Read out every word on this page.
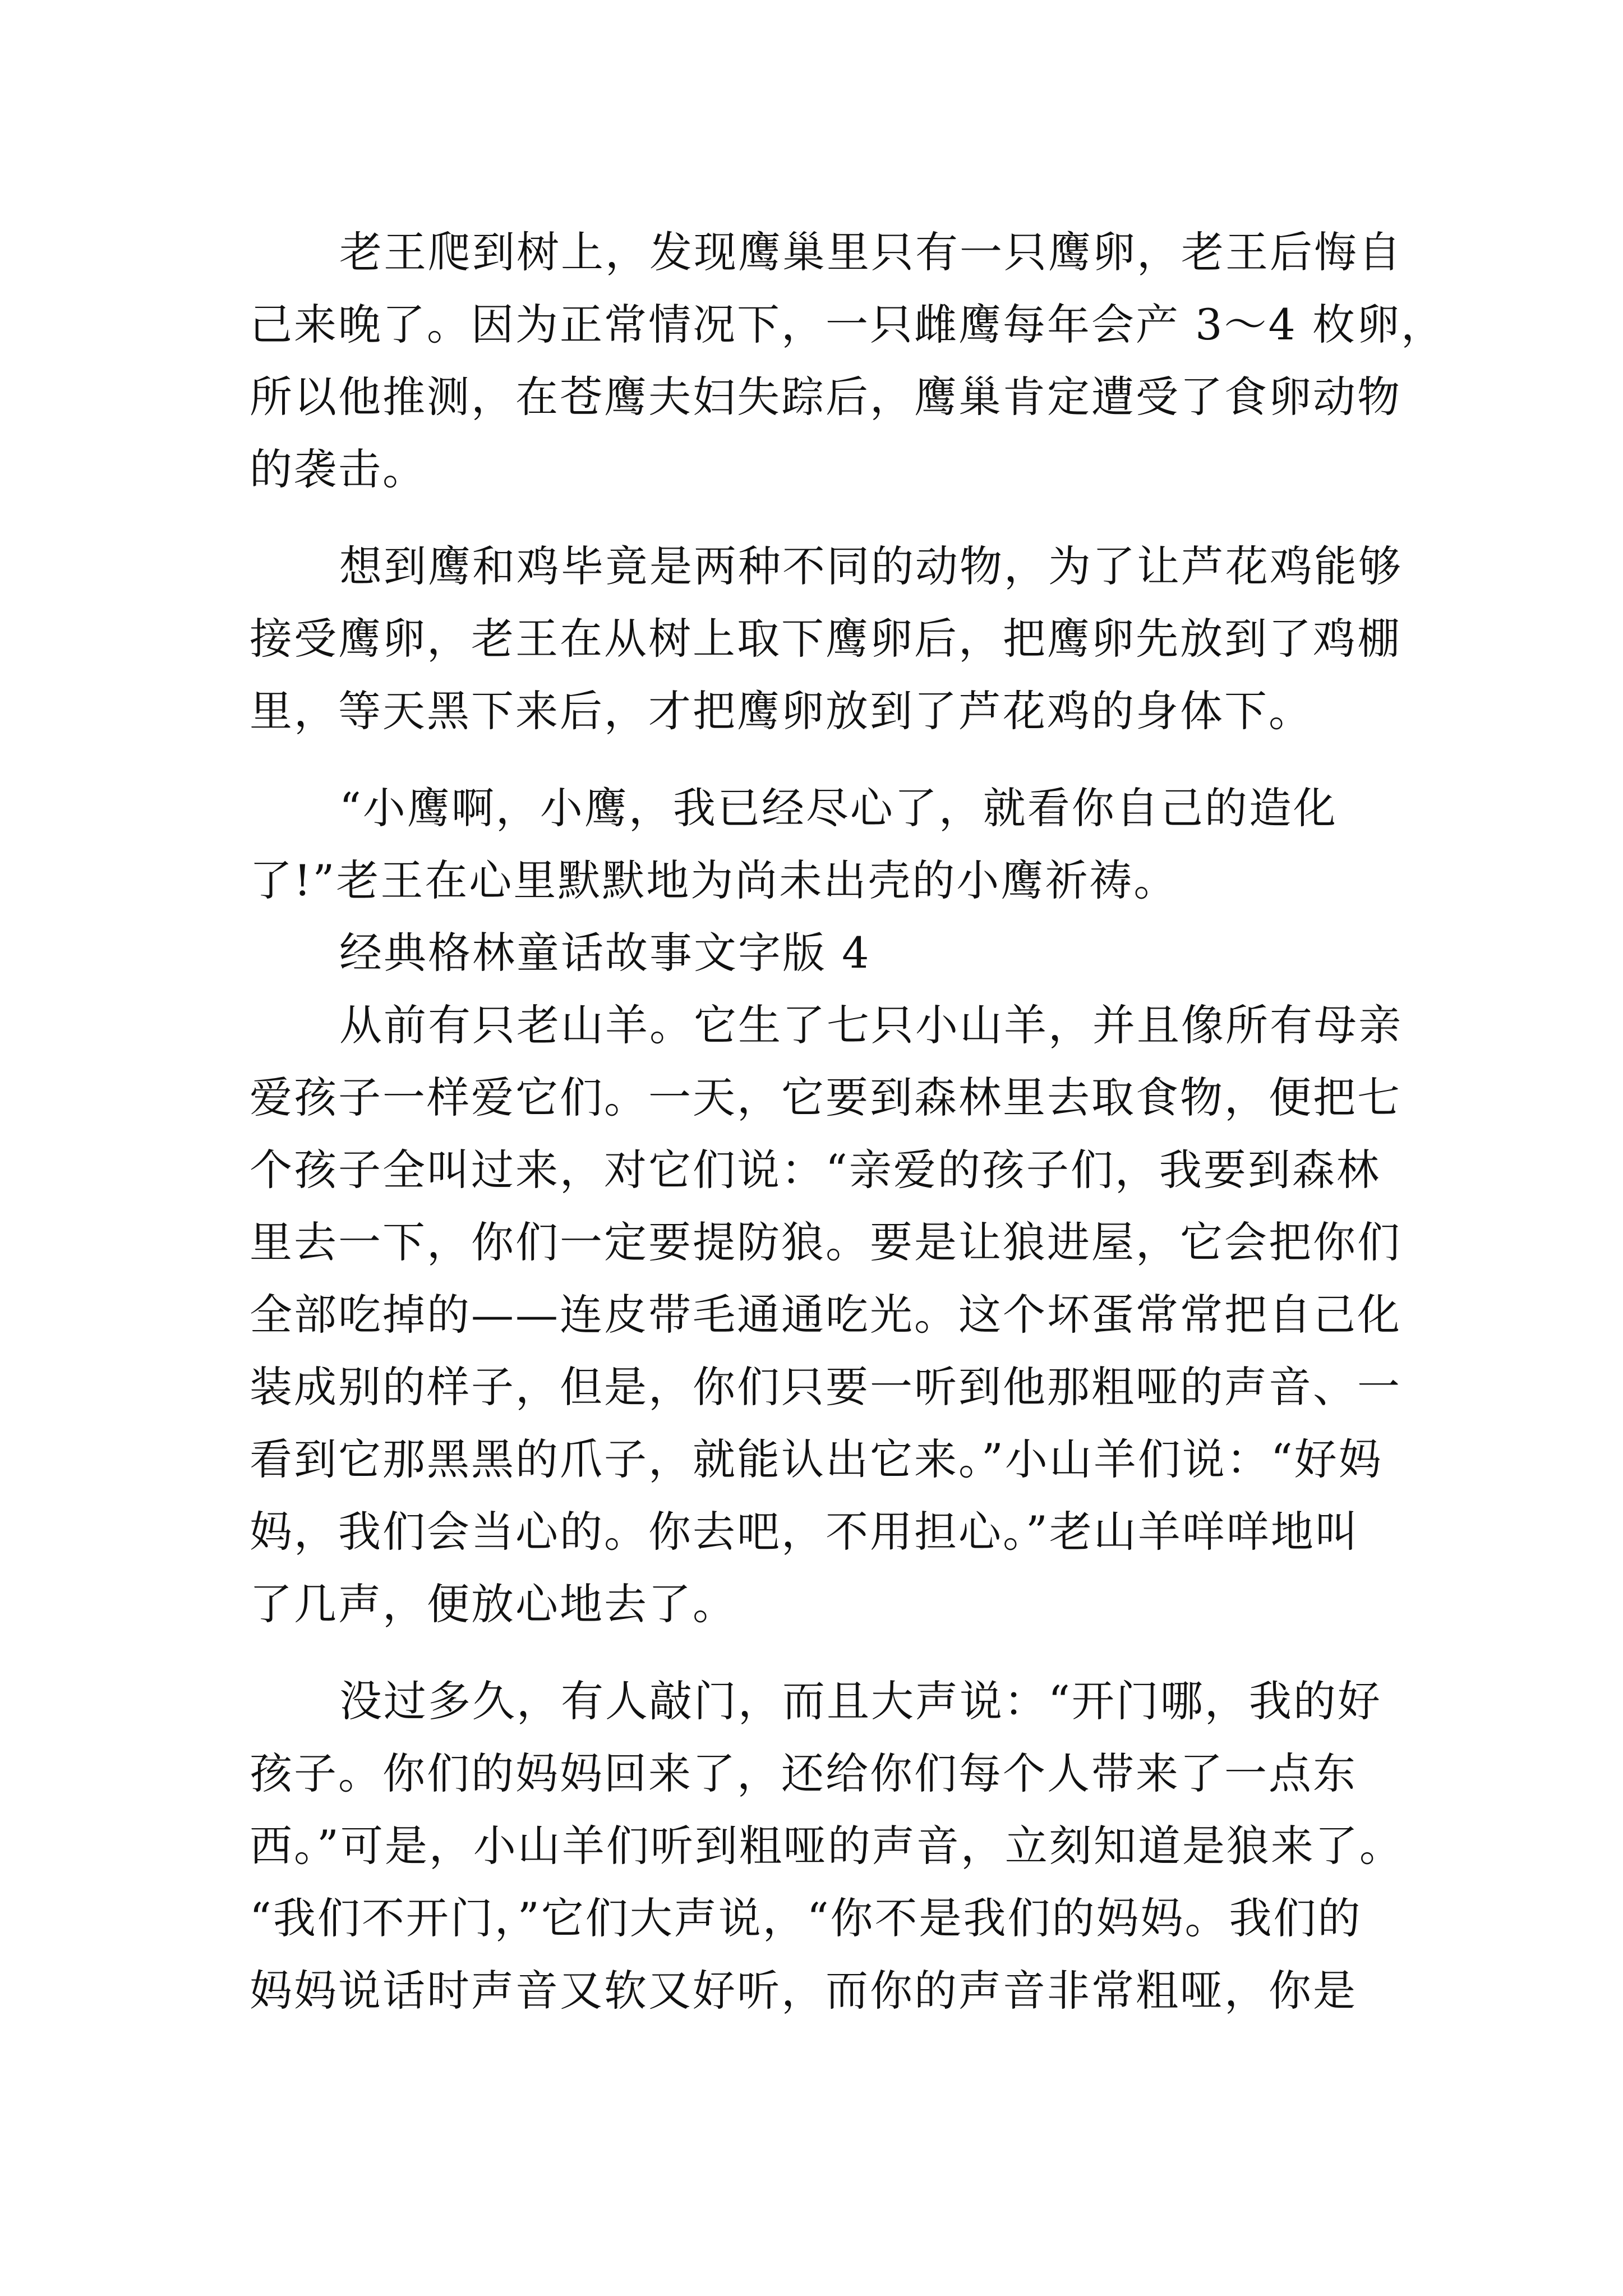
老王爬到树上，发现鹰巢里只有一只鹰卵，老王后悔自
己来晚了。因为正常情况下，一只雌鹰每年会产 3～4 枚卵，
所以他推测，在苍鹰夫妇失踪后，鹰巢肯定遭受了食卵动物
的袭击。
想到鹰和鸡毕竟是两种不同的动物，为了让芦花鸡能够
接受鹰卵，老王在从树上取下鹰卵后，把鹰卵先放到了鸡棚
里，等天黑下来后，才把鹰卵放到了芦花鸡的身体下。
“小鹰啊，小鹰，我已经尽心了，就看你自己的造化
了!”老王在心里默默地为尚未出壳的小鹰祈祷。
经典格林童话故事文字版 4
从前有只老山羊。它生了七只小山羊，并且像所有母亲
爱孩子一样爱它们。一天，它要到森林里去取食物，便把七
个孩子全叫过来，对它们说：“亲爱的孩子们，我要到森林
里去一下，你们一定要提防狼。要是让狼进屋，它会把你们
全部吃掉的——连皮带毛通通吃光。这个坏蛋常常把自己化
装成别的样子，但是，你们只要一听到他那粗哑的声音、一
看到它那黑黑的爪子，就能认出它来。”小山羊们说：“好妈
妈，我们会当心的。你去吧，不用担心。”老山羊咩咩地叫
了几声，便放心地去了。
没过多久，有人敲门，而且大声说：“开门哪，我的好
孩子。你们的妈妈回来了，还给你们每个人带来了一点东
西。”可是，小山羊们听到粗哑的声音，立刻知道是狼来了。
“我们不开门，”它们大声说，“你不是我们的妈妈。我们的
妈妈说话时声音又软又好听，而你的声音非常粗哑，你是
